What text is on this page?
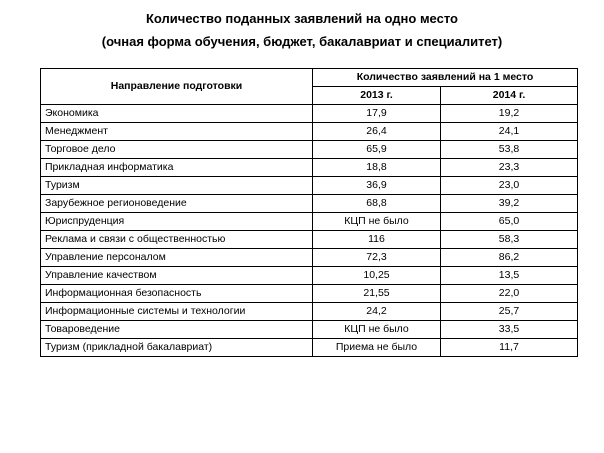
Количество поданных заявлений на одно место
(очная форма обучения, бюджет, бакалавриат и специалитет)
Направление подготовки	Количество заявлений на 1 место	
	2013 г.	2014 г.
Экономика	17,9	19,2
Менеджмент	26,4	24,1
Торговое дело	65,9	53,8
Прикладная информатика	18,8	23,3
Туризм	36,9	23,0
Зарубежное регионоведение	68,8	39,2
Юриспруденция	КЦП не было	65,0
Реклама и связи с общественностью	116	58,3
Управление персоналом	72,3	86,2
Управление качеством	10,25	13,5
Информационная безопасность	21,55	22,0
Информационные системы и технологии	24,2	25,7
Товароведение	КЦП не было	33,5
Туризм (прикладной бакалавриат)	Приема не было	11,7
